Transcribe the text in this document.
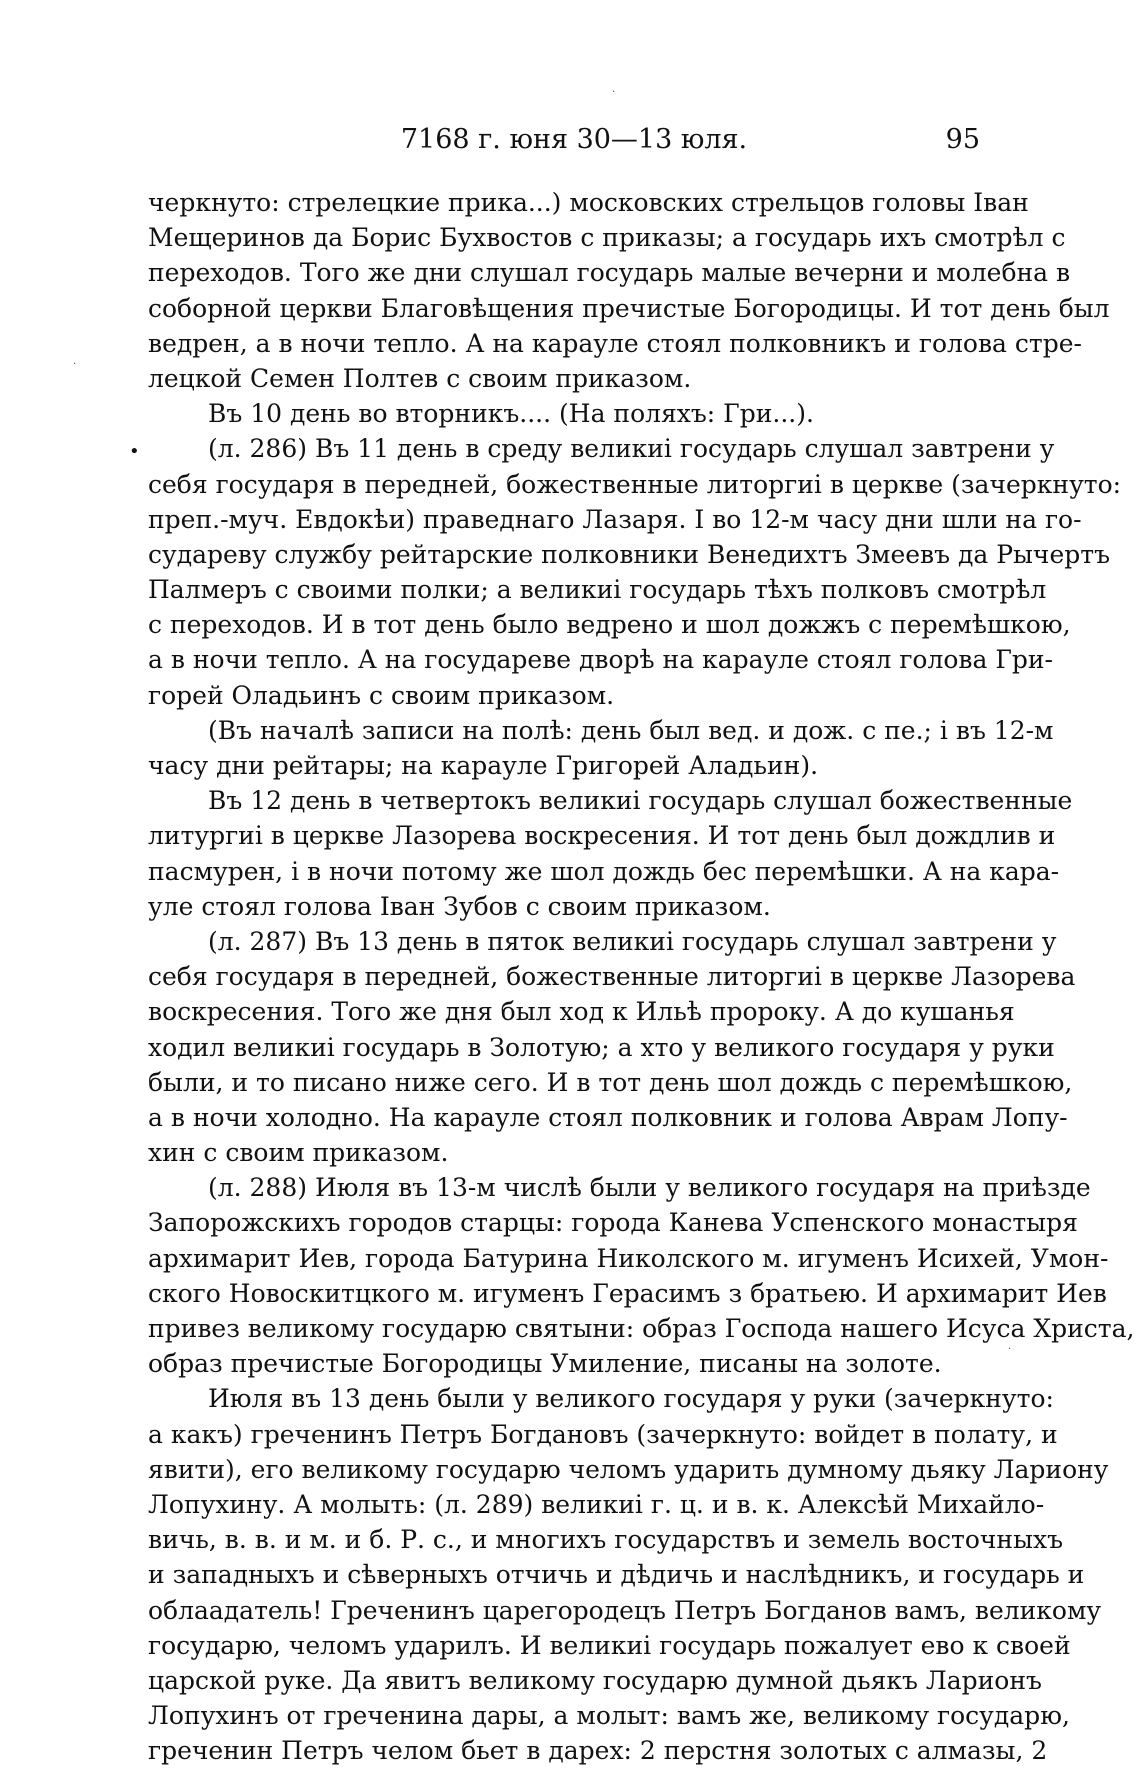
7168 г. юня 30—13 юля.	95
•
·
·
·
черкнуто: стрелецкие прика...) московских стрельцов головы Іван
Мещеринов да Борис Бухвостов с приказы; а государь ихъ смотрѣл с
переходов. Того же дни слушал государь малые вечерни и молебна в
соборной церкви Благовѣщения пречистые Богородицы. И тот день был
ведрен, а в ночи тепло. А на карауле стоял полковникъ и голова стре-
лецкой Семен Полтев с своим приказом.
Въ 10 день во вторникъ.... (На поляхъ: Гри...).
(л. 286) Въ 11 день в среду великиі государь слушал завтрени у
себя государя в передней, божественные литоргиі в церкве (зачеркнуто:
преп.-муч. Евдокѣи) праведнаго Лазаря. І во 12-м часу дни шли на го-
судареву службу рейтарские полковники Венедихтъ Змеевъ да Рычертъ
Палмеръ с своими полки; а великиі государь тѣхъ полковъ смотрѣл
с переходов. И в тот день было ведрено и шол дожжъ с перемѣшкою,
а в ночи тепло. А на государеве дворѣ на карауле стоял голова Гри-
горей Оладьинъ с своим приказом.
(Въ началѣ записи на полѣ: день был вед. и дож. с пе.; і въ 12-м
часу дни рейтары; на карауле Григорей Аладьин).
Въ 12 день в четвертокъ великиі государь слушал божественные
литургиі в церкве Лазорева воскресения. И тот день был дождлив и
пасмурен, і в ночи потому же шол дождь бес перемѣшки. А на кара-
уле стоял голова Іван Зубов с своим приказом.
(л. 287) Въ 13 день в пяток великиі государь слушал завтрени у
себя государя в передней, божественные литоргиі в церкве Лазорева
воскресения. Того же дня был ход к Ильѣ пророку. А до кушанья
ходил великиі государь в Золотую; а хто у великого государя у руки
были, и то писано ниже сего. И в тот день шол дождь с перемѣшкою,
а в ночи холодно. На карауле стоял полковник и голова Аврам Лопу-
хин с своим приказом.
(л. 288) Июля въ 13-м числѣ были у великого государя на приѣзде
Запорожскихъ городов старцы: города Канева Успенского монастыря
архимарит Иев, города Батурина Николского м. игуменъ Исихей, Умон-
ского Новоскитцкого м. игуменъ Герасимъ з братьею. И архимарит Иев
привез великому государю святыни: образ Господа нашего Исуса Христа,
образ пречистые Богородицы Умиление, писаны на золоте.
Июля въ 13 день были у великого государя у руки (зачеркнуто:
а какъ) греченинъ Петръ Богдановъ (зачеркнуто: войдет в полату, и
явити), его великому государю челомъ ударить думному дьяку Лариону
Лопухину. А молыть: (л. 289) великиі г. ц. и в. к. Алексѣй Михайло-
вичь, в. в. и м. и б. Р. с., и многихъ государствъ и земель восточныхъ
и западныхъ и сѣверныхъ отчичь и дѣдичь и наслѣдникъ, и государь и
облаадатель! Греченинъ царегородецъ Петръ Богданов вамъ, великому
государю, челомъ ударилъ. И великиі государь пожалует ево к своей
царской руке. Да явитъ великому государю думной дьякъ Ларионъ
Лопухинъ от греченина дары, а молыт: вамъ же, великому государю,
греченин Петръ челом бьет в дарех: 2 перстня золотых с алмазы, 2
